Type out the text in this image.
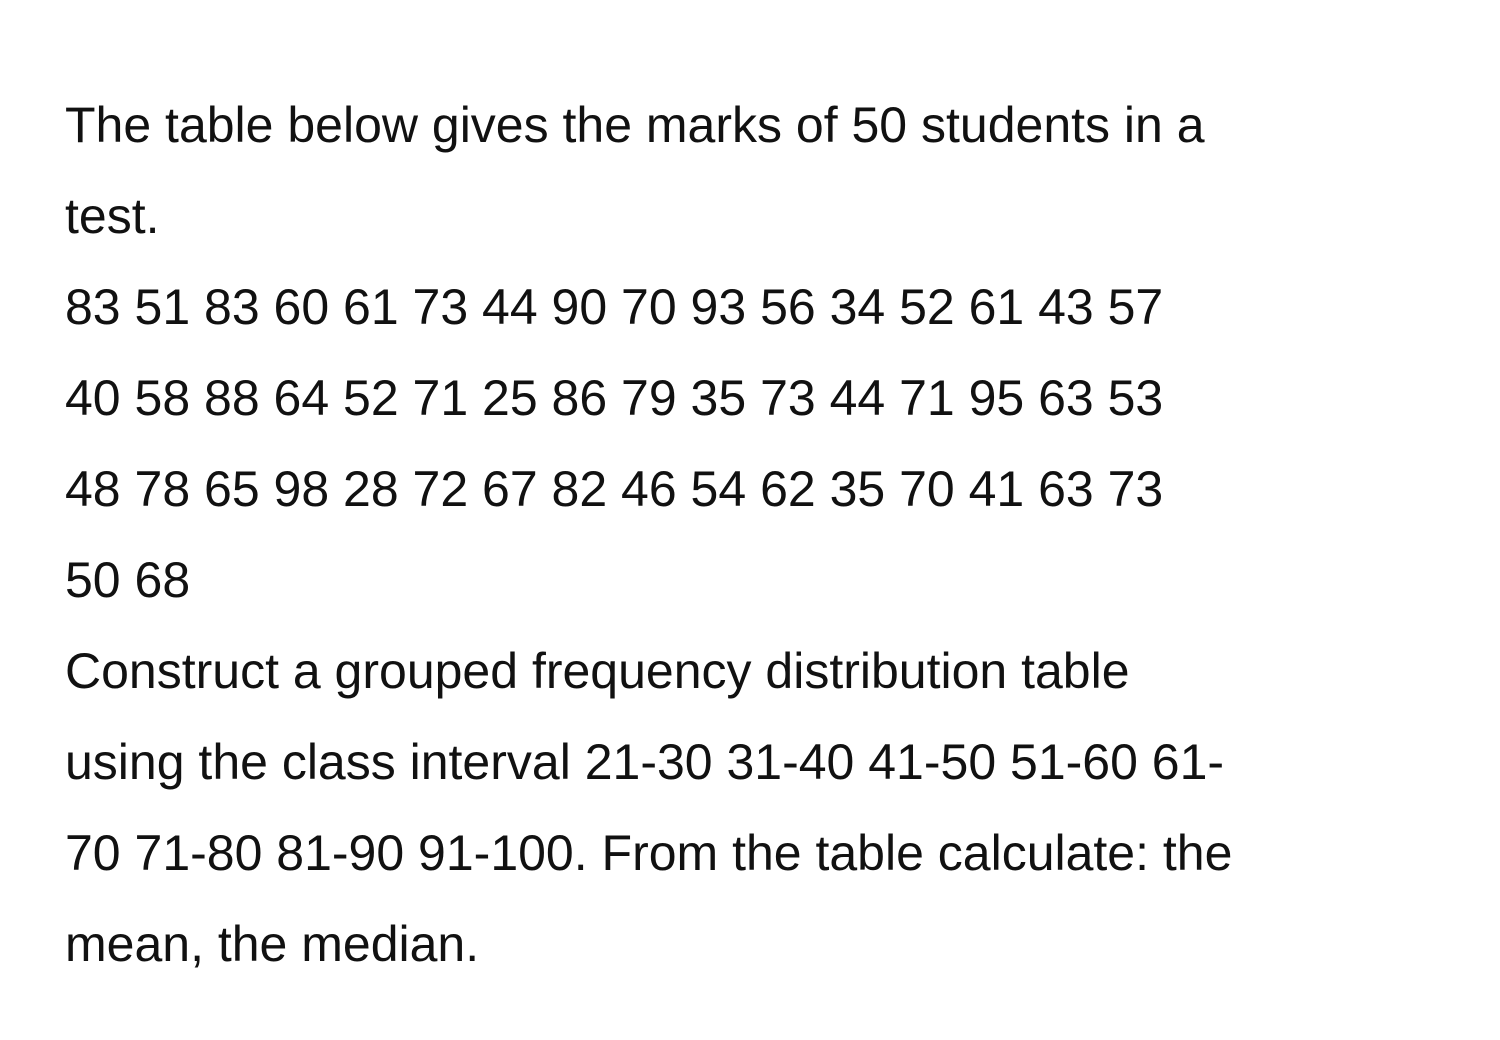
The table below gives the marks of 50 students in a
test.

83 51 83 60 61 73 44 90 70 93 56 34 52 61 43 57
40 58 88 64 52 71 25 86 79 35 73 44 71 95 63 53
48 78 65 98 28 72 67 82 46 54 62 35 70 41 63 73
50 68

Construct a grouped frequency distribution table
using the class interval 21-30 31-40 41-50 51-60 61-
70 71-80 81-90 91-100. From the table calculate: the
mean, the median.
